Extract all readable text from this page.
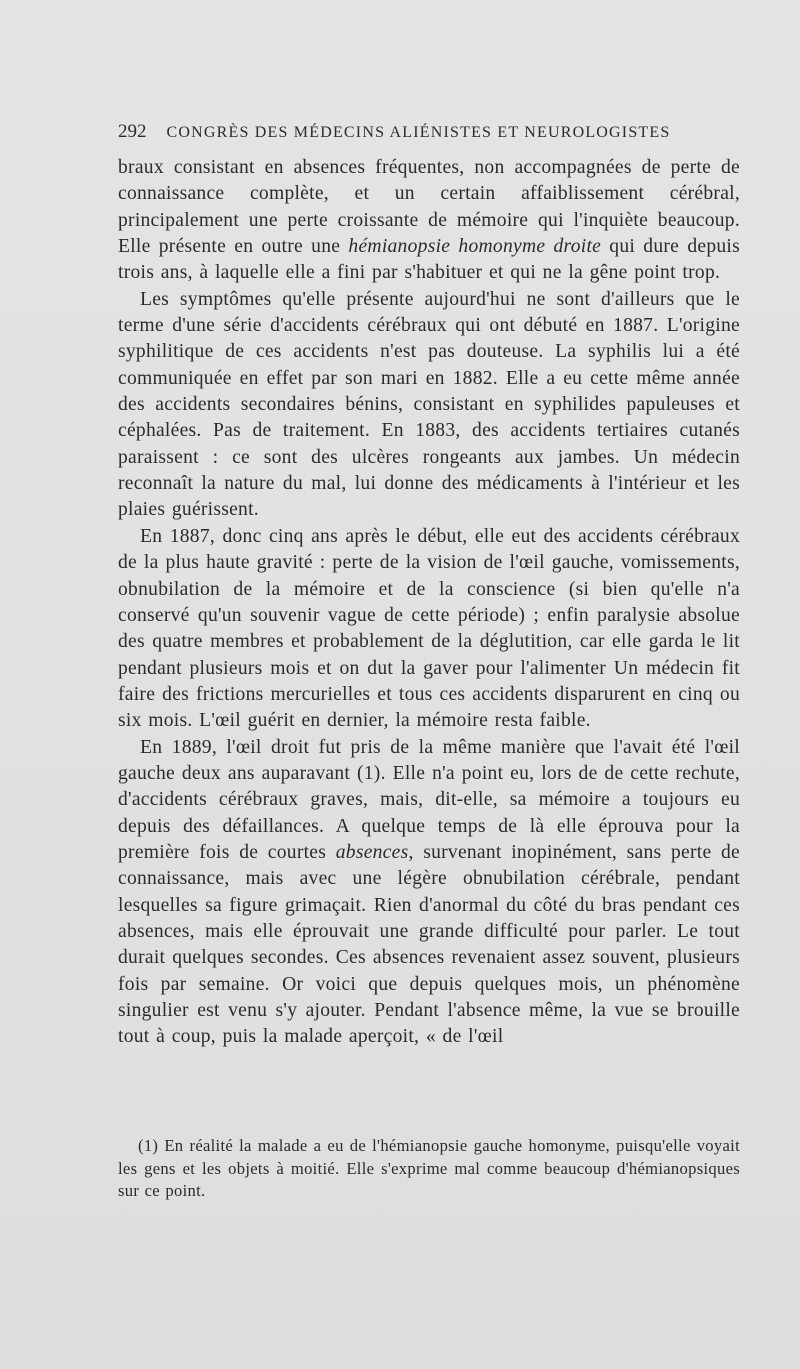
292 CONGRÈS DES MÉDECINS ALIÉNISTES ET NEUROLOGISTES

braux consistant en absences fréquentes, non accompagnées de perte de connaissance complète, et un certain affaiblissement cérébral, principalement une perte croissante de mémoire qui l'inquiète beaucoup. Elle présente en outre une hémianopsie homonyme droite qui dure depuis trois ans, à laquelle elle a fini par s'habituer et qui ne la gêne point trop.

Les symptômes qu'elle présente aujourd'hui ne sont d'ailleurs que le terme d'une série d'accidents cérébraux qui ont débuté en 1887. L'origine syphilitique de ces accidents n'est pas douteuse. La syphilis lui a été communiquée en effet par son mari en 1882. Elle a eu cette même année des accidents secondaires bénins, consistant en syphilides papuleuses et céphalées. Pas de traitement. En 1883, des accidents tertiaires cutanés paraissent : ce sont des ulcères rongeants aux jambes. Un médecin reconnaît la nature du mal, lui donne des médicaments à l'intérieur et les plaies guérissent.

En 1887, donc cinq ans après le début, elle eut des accidents cérébraux de la plus haute gravité : perte de la vision de l'œil gauche, vomissements, obnubilation de la mémoire et de la conscience (si bien qu'elle n'a conservé qu'un souvenir vague de cette période) ; enfin paralysie absolue des quatre membres et probablement de la déglutition, car elle garda le lit pendant plusieurs mois et on dut la gaver pour l'alimenter Un médecin fit faire des frictions mercurielles et tous ces accidents disparurent en cinq ou six mois. L'œil guérit en dernier, la mémoire resta faible.

En 1889, l'œil droit fut pris de la même manière que l'avait été l'œil gauche deux ans auparavant (1). Elle n'a point eu, lors de de cette rechute, d'accidents cérébraux graves, mais, dit-elle, sa mémoire a toujours eu depuis des défaillances. A quelque temps de là elle éprouva pour la première fois de courtes absences, survenant inopinément, sans perte de connaissance, mais avec une légère obnubilation cérébrale, pendant lesquelles sa figure grimaçait. Rien d'anormal du côté du bras pendant ces absences, mais elle éprouvait une grande difficulté pour parler. Le tout durait quelques secondes. Ces absences revenaient assez souvent, plusieurs fois par semaine. Or voici que depuis quelques mois, un phénomène singulier est venu s'y ajouter. Pendant l'absence même, la vue se brouille tout à coup, puis la malade aperçoit, « de l'œil

(1) En réalité la malade a eu de l'hémianopsie gauche homonyme, puisqu'elle voyait les gens et les objets à moitié. Elle s'exprime mal comme beaucoup d'hémianopsiques sur ce point.
